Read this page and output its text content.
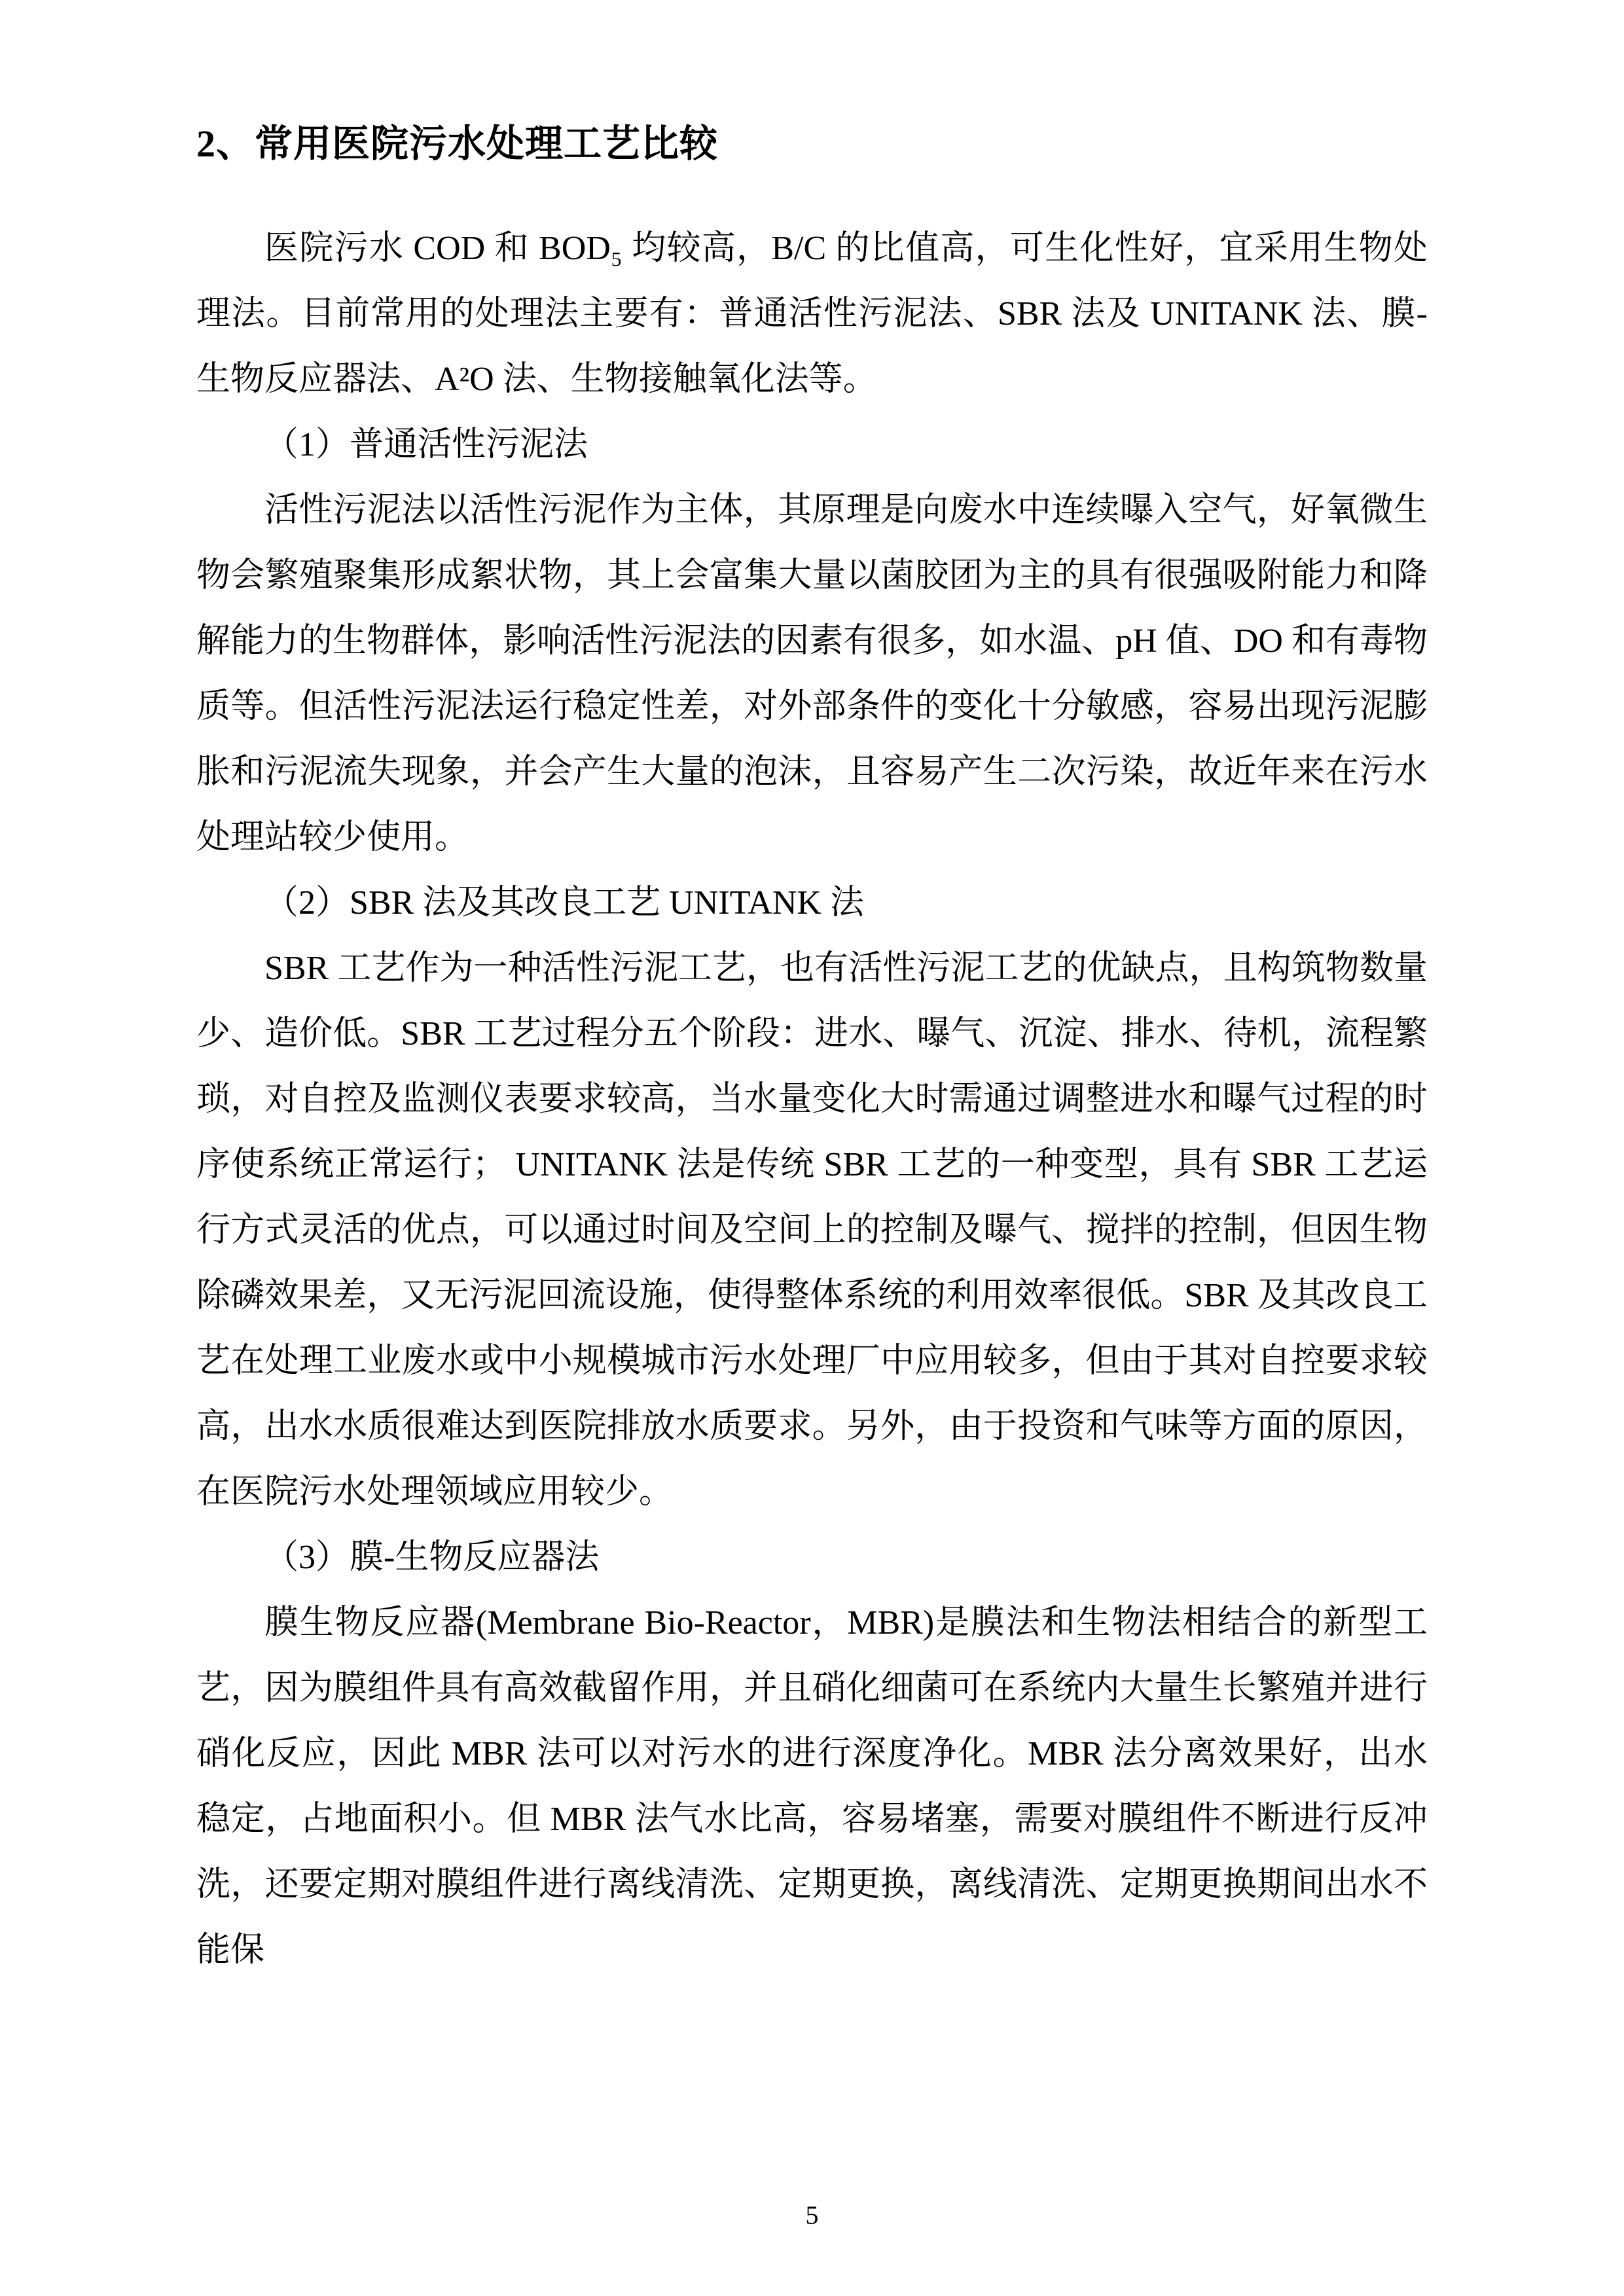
2、常用医院污水处理工艺比较

医院污水 COD 和 BOD₅ 均较高，B/C 的比值高，可生化性好，宜采用生物处理法。目前常用的处理法主要有：普通活性污泥法、SBR 法及 UNITANK 法、膜-生物反应器法、A²O 法、生物接触氧化法等。

（1）普通活性污泥法

活性污泥法以活性污泥作为主体，其原理是向废水中连续曝入空气，好氧微生物会繁殖聚集形成絮状物，其上会富集大量以菌胶团为主的具有很强吸附能力和降解能力的生物群体，影响活性污泥法的因素有很多，如水温、pH 值、DO 和有毒物质等。但活性污泥法运行稳定性差，对外部条件的变化十分敏感，容易出现污泥膨胀和污泥流失现象，并会产生大量的泡沫，且容易产生二次污染，故近年来在污水处理站较少使用。

（2）SBR 法及其改良工艺 UNITANK 法

SBR 工艺作为一种活性污泥工艺，也有活性污泥工艺的优缺点，且构筑物数量少、造价低。SBR 工艺过程分五个阶段：进水、曝气、沉淀、排水、待机，流程繁琐，对自控及监测仪表要求较高，当水量变化大时需通过调整进水和曝气过程的时序使系统正常运行； UNITANK 法是传统 SBR 工艺的一种变型，具有 SBR 工艺运行方式灵活的优点，可以通过时间及空间上的控制及曝气、搅拌的控制，但因生物除磷效果差，又无污泥回流设施，使得整体系统的利用效率很低。SBR 及其改良工艺在处理工业废水或中小规模城市污水处理厂中应用较多，但由于其对自控要求较高，出水水质很难达到医院排放水质要求。另外，由于投资和气味等方面的原因，在医院污水处理领域应用较少。

（3）膜-生物反应器法

膜生物反应器(Membrane Bio-Reactor，MBR)是膜法和生物法相结合的新型工艺，因为膜组件具有高效截留作用，并且硝化细菌可在系统内大量生长繁殖并进行硝化反应，因此 MBR 法可以对污水的进行深度净化。MBR 法分离效果好，出水稳定，占地面积小。但 MBR 法气水比高，容易堵塞，需要对膜组件不断进行反冲洗，还要定期对膜组件进行离线清洗、定期更换，离线清洗、定期更换期间出水不能保

5
